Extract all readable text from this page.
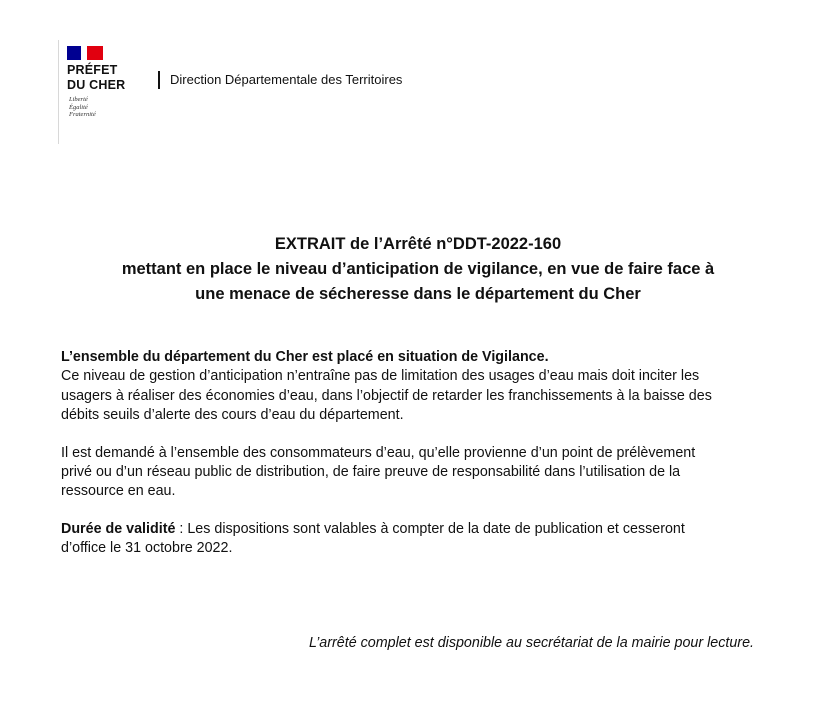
PRÉFET
DU CHER
Liberté
Égalité
Fraternité
Direction Départementale des Territoires
EXTRAIT de l’Arrêté n°DDT-2022-160
mettant en place le niveau d’anticipation de vigilance, en vue de faire face à
une menace de sécheresse dans le département du Cher

L’ensemble du département du Cher est placé en situation de Vigilance.

Ce niveau de gestion d’anticipation n’entraîne pas de limitation des usages d’eau mais doit inciter les
usagers à réaliser des économies d’eau, dans l’objectif de retarder les franchissements à la baisse des
débits seuils d’alerte des cours d’eau du département.

Il est demandé à l’ensemble des consommateurs d’eau, qu’elle provienne d’un point de prélèvement
privé ou d’un réseau public de distribution, de faire preuve de responsabilité dans l’utilisation de la
ressource en eau.

Durée de validité : Les dispositions sont valables à compter de la date de publication et cesseront
d’office le 31 octobre 2022.

L’arrêté complet est disponible au secrétariat de la mairie pour lecture.
